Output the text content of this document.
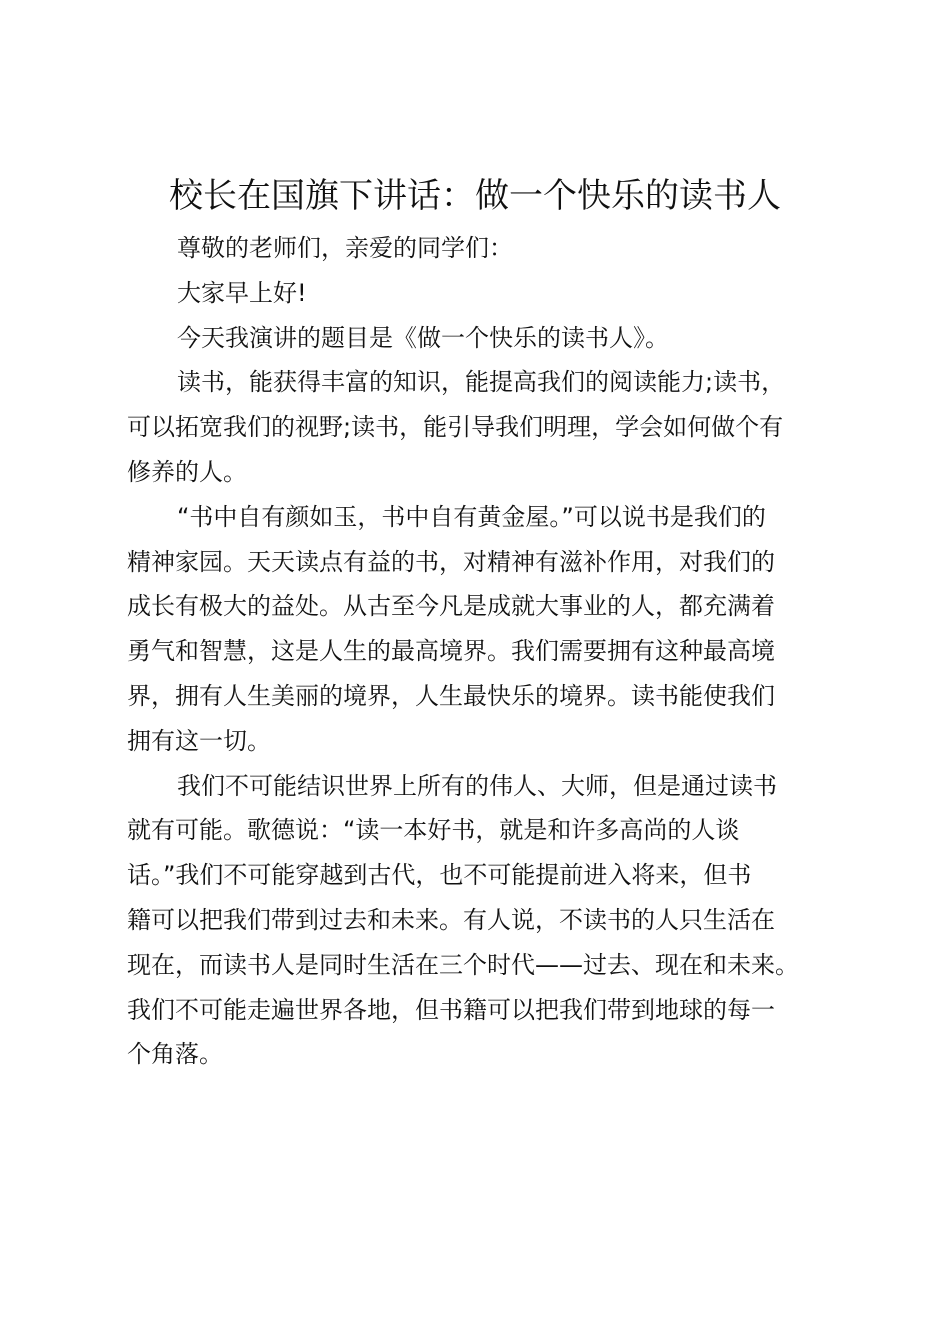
校长在国旗下讲话：做一个快乐的读书人

尊敬的老师们，亲爱的同学们：

大家早上好!

今天我演讲的题目是《做一个快乐的读书人》。

读书，能获得丰富的知识，能提高我们的阅读能力;读书，
可以拓宽我们的视野;读书，能引导我们明理，学会如何做个有
修养的人。

“书中自有颜如玉，书中自有黄金屋。”可以说书是我们的
精神家园。天天读点有益的书，对精神有滋补作用，对我们的
成长有极大的益处。从古至今凡是成就大事业的人，都充满着
勇气和智慧，这是人生的最高境界。我们需要拥有这种最高境
界，拥有人生美丽的境界，人生最快乐的境界。读书能使我们
拥有这一切。

我们不可能结识世界上所有的伟人、大师，但是通过读书
就有可能。歌德说：“读一本好书，就是和许多高尚的人谈
话。”我们不可能穿越到古代，也不可能提前进入将来，但书
籍可以把我们带到过去和未来。有人说，不读书的人只生活在
现在，而读书人是同时生活在三个时代——过去、现在和未来。
我们不可能走遍世界各地，但书籍可以把我们带到地球的每一
个角落。
